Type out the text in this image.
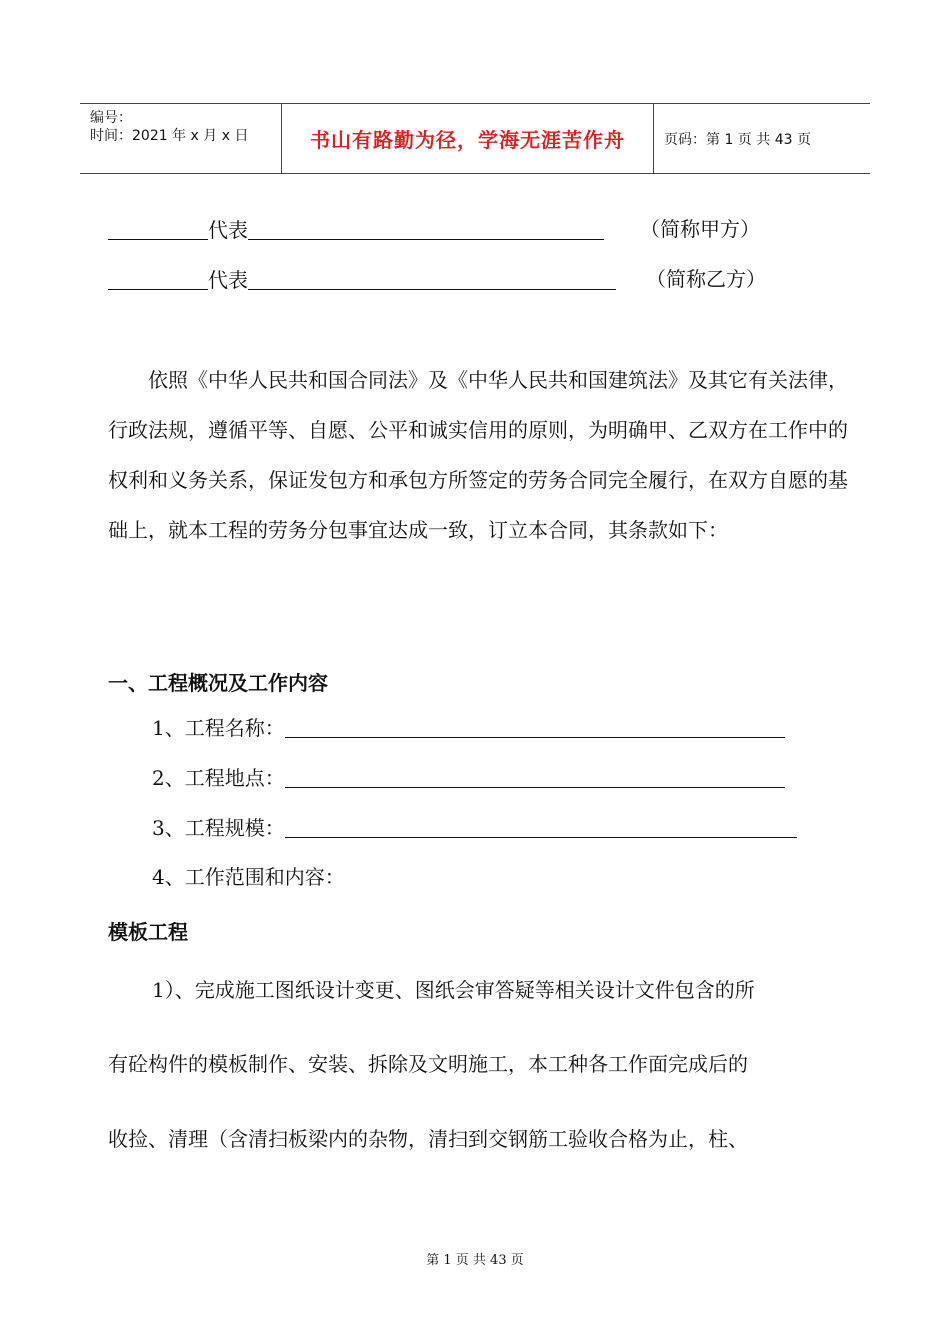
编号：
时间：2021 年 x 月 x 日	书山有路勤为径，学海无涯苦作舟	页码：第 1 页 共 43 页
代表	（简称甲方）
代表	（简称乙方）
依照《中华人民共和国合同法》及《中华人民共和国建筑法》及其它有关法律，行政法规，遵循平等、自愿、公平和诚实信用的原则，为明确甲、乙双方在工作中的权利和义务关系，保证发包方和承包方所签定的劳务合同完全履行，在双方自愿的基础上，就本工程的劳务分包事宜达成一致，订立本合同，其条款如下：
一、工程概况及工作内容
1、工程名称：
2、工程地点：
3、工程规模：
4、工作范围和内容：
模板工程
1）、完成施工图纸设计变更、图纸会审答疑等相关设计文件包含的所
有砼构件的模板制作、安装、拆除及文明施工，本工种各工作面完成后的
收捡、清理（含清扫板梁内的杂物，清扫到交钢筋工验收合格为止，柱、
第 1 页 共 43 页
